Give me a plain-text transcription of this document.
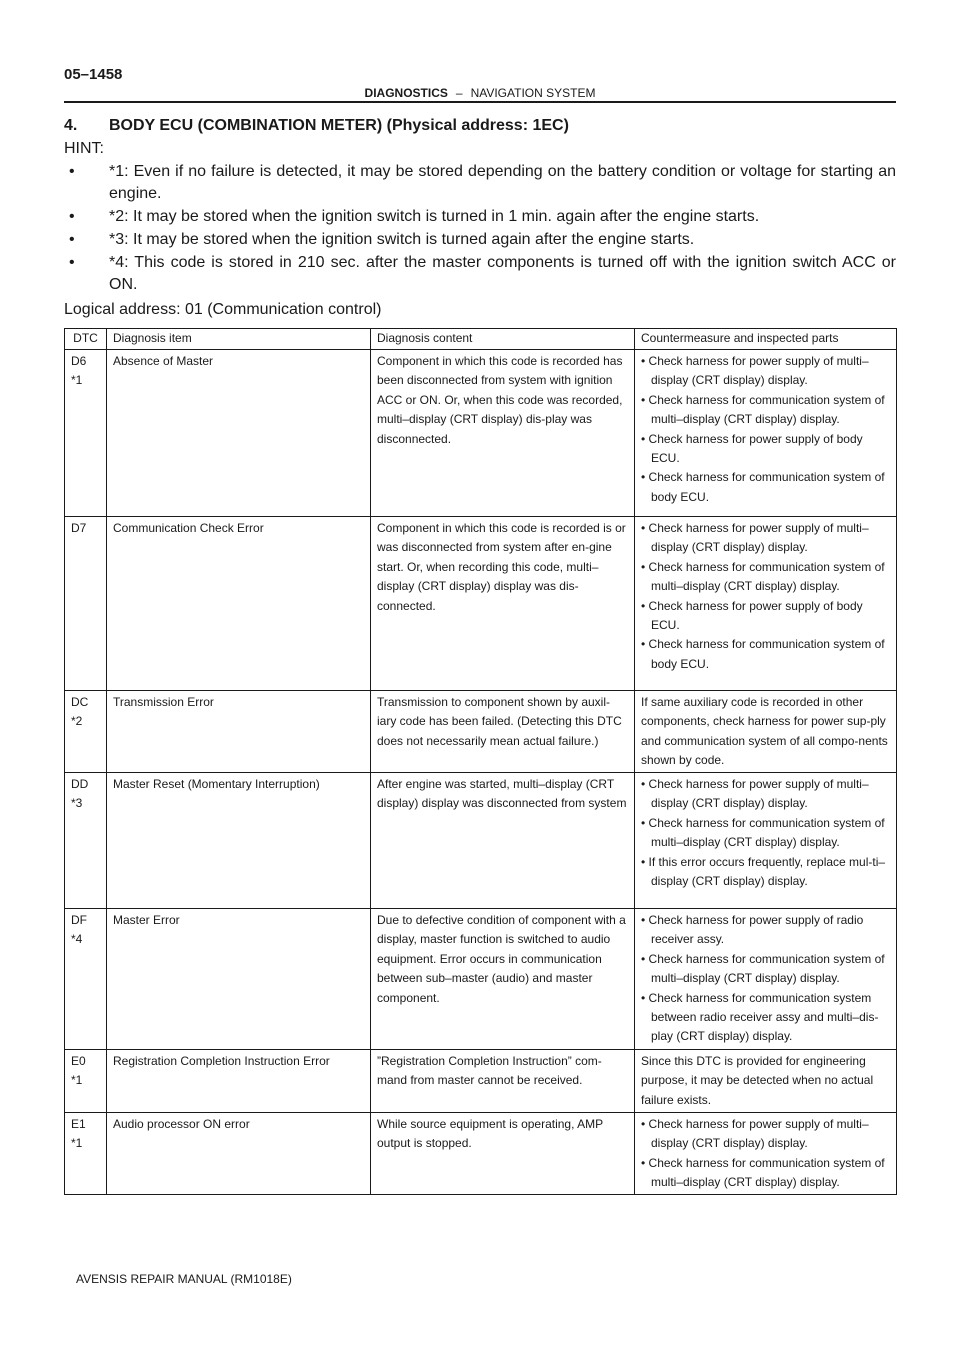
05–1458
DIAGNOSTICS – NAVIGATION SYSTEM
4. BODY ECU (COMBINATION METER) (Physical address: 1EC)
HINT:
• *1: Even if no failure is detected, it may be stored depending on the battery condition or voltage for starting an engine.
• *2: It may be stored when the ignition switch is turned in 1 min. again after the engine starts.
• *3: It may be stored when the ignition switch is turned again after the engine starts.
• *4: This code is stored in 210 sec. after the master components is turned off with the ignition switch ACC or ON.
Logical address: 01 (Communication control)
DTC	Diagnosis item	Diagnosis content	Countermeasure and inspected parts

D6
*1	Absence of Master	Component in which this code is recorded has been disconnected from system with ignition ACC or ON. Or, when this code was recorded, multi–display (CRT display) dis-play was disconnected.	• Check harness for power supply of multi– display (CRT display) display.
• Check harness for communication system of multi–display (CRT display) display.
• Check harness for power supply of body ECU.
• Check harness for communication system of body ECU.

D7	Communication Check Error	Component in which this code is recorded is or was disconnected from system after en-gine start. Or, when recording this code, multi–display (CRT display) display was dis-connected.	• Check harness for power supply of multi– display (CRT display) display.
• Check harness for communication system of multi–display (CRT display) display.
• Check harness for power supply of body ECU.
• Check harness for communication system of body ECU.

DC
*2	Transmission Error	Transmission to component shown by auxil-iary code has been failed. (Detecting this DTC does not necessarily mean actual failure.)	If same auxiliary code is recorded in other components, check harness for power sup-ply and communication system of all compo-nents shown by code.

DD
*3	Master Reset (Momentary Interruption)	After engine was started, multi–display (CRT display) display was disconnected from system	• Check harness for power supply of multi– display (CRT display) display.
• Check harness for communication system of multi–display (CRT display) display.
• If this error occurs frequently, replace mul-ti–display (CRT display) display.

DF
*4	Master Error	Due to defective condition of component with a display, master function is switched to audio equipment. Error occurs in communication between sub–master (audio) and master component.	• Check harness for power supply of radio receiver assy.
• Check harness for communication system of multi–display (CRT display) display.
• Check harness for communication system between radio receiver assy and multi–dis-play (CRT display) display.

E0
*1	Registration Completion Instruction Error	”Registration Completion Instruction” com-mand from master cannot be received.	Since this DTC is provided for engineering purpose, it may be detected when no actual failure exists.

E1
*1	Audio processor ON error	While source equipment is operating, AMP output is stopped.	• Check harness for power supply of multi– display (CRT display) display.
• Check harness for communication system of multi–display (CRT display) display.
AVENSIS REPAIR MANUAL (RM1018E)
